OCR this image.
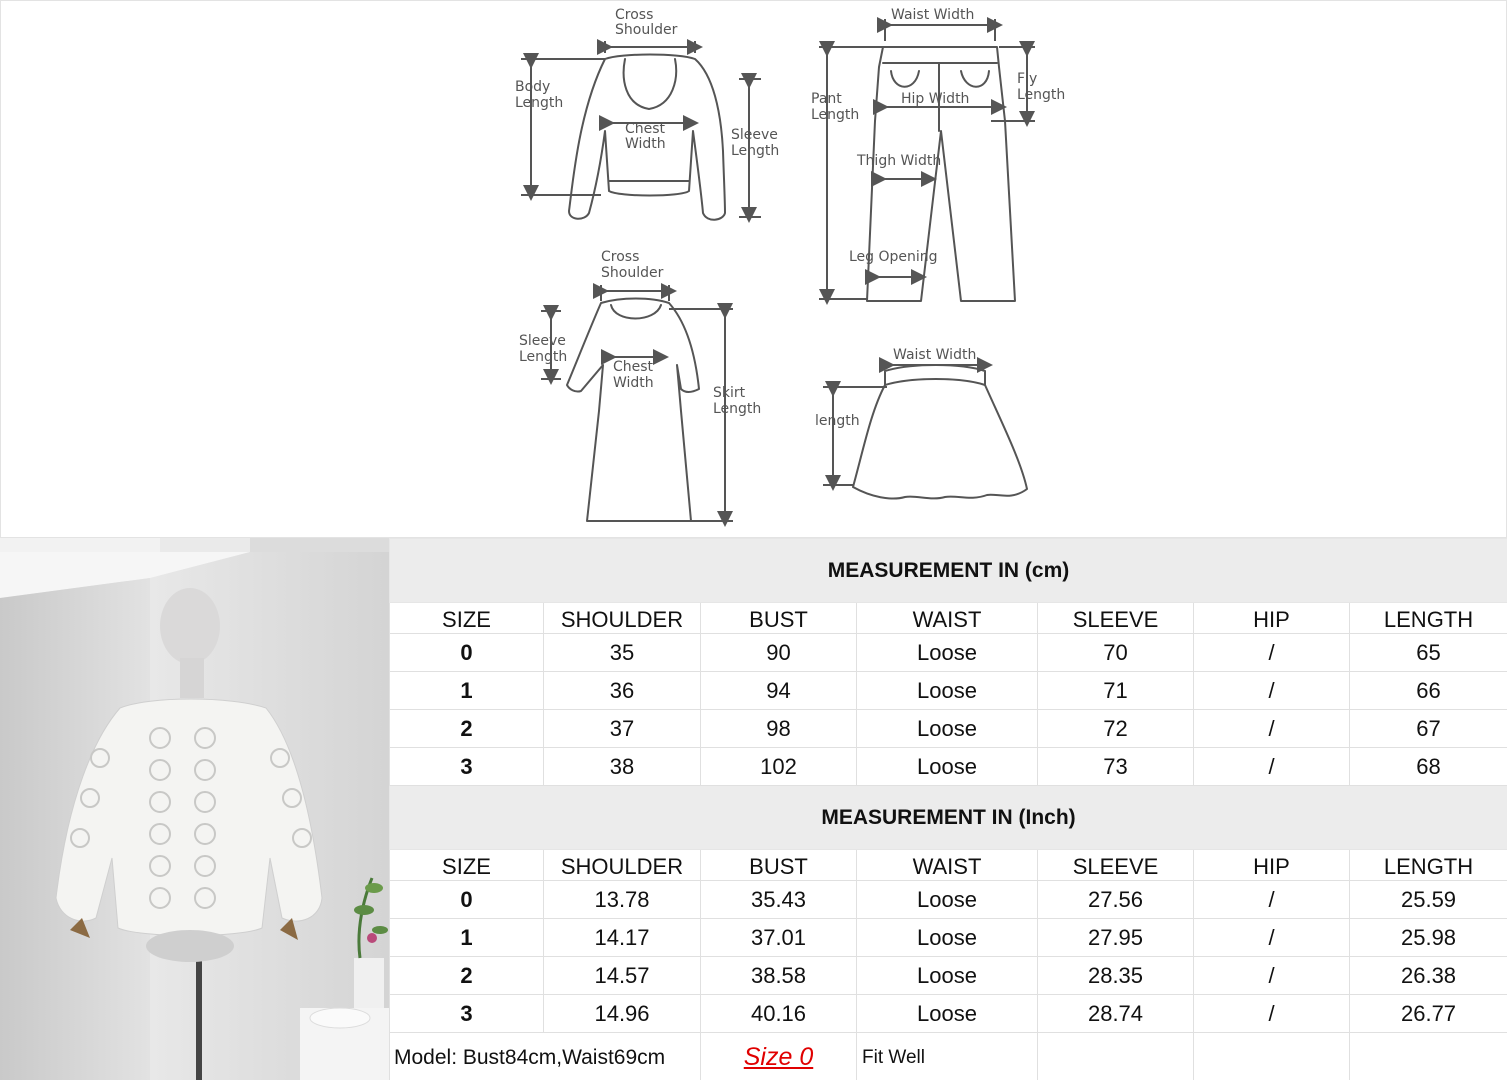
Cross
Shoulder
Body
Length
Chest
Width
Sleeve
Length
Waist Width
Pant
Length
Hip Width
Fly
Length
Thigh Width
Leg Opening
Cross
Shoulder
Sleeve
Length
Chest
Width
Skirt
Length
Waist Width
length
MEASUREMENT IN (cm)						
SIZE	SHOULDER	BUST	WAIST	SLEEVE	HIP	LENGTH
0	35	90	Loose	70	/	65
1	36	94	Loose	71	/	66
2	37	98	Loose	72	/	67
3	38	102	Loose	73	/	68
MEASUREMENT IN (Inch)						
SIZE	SHOULDER	BUST	WAIST	SLEEVE	HIP	LENGTH
0	13.78	35.43	Loose	27.56	/	25.59
1	14.17	37.01	Loose	27.95	/	25.98
2	14.57	38.58	Loose	28.35	/	26.38
3	14.96	40.16	Loose	28.74	/	26.77
Model: Bust84cm,Waist69cm		Size 0	Fit Well			
